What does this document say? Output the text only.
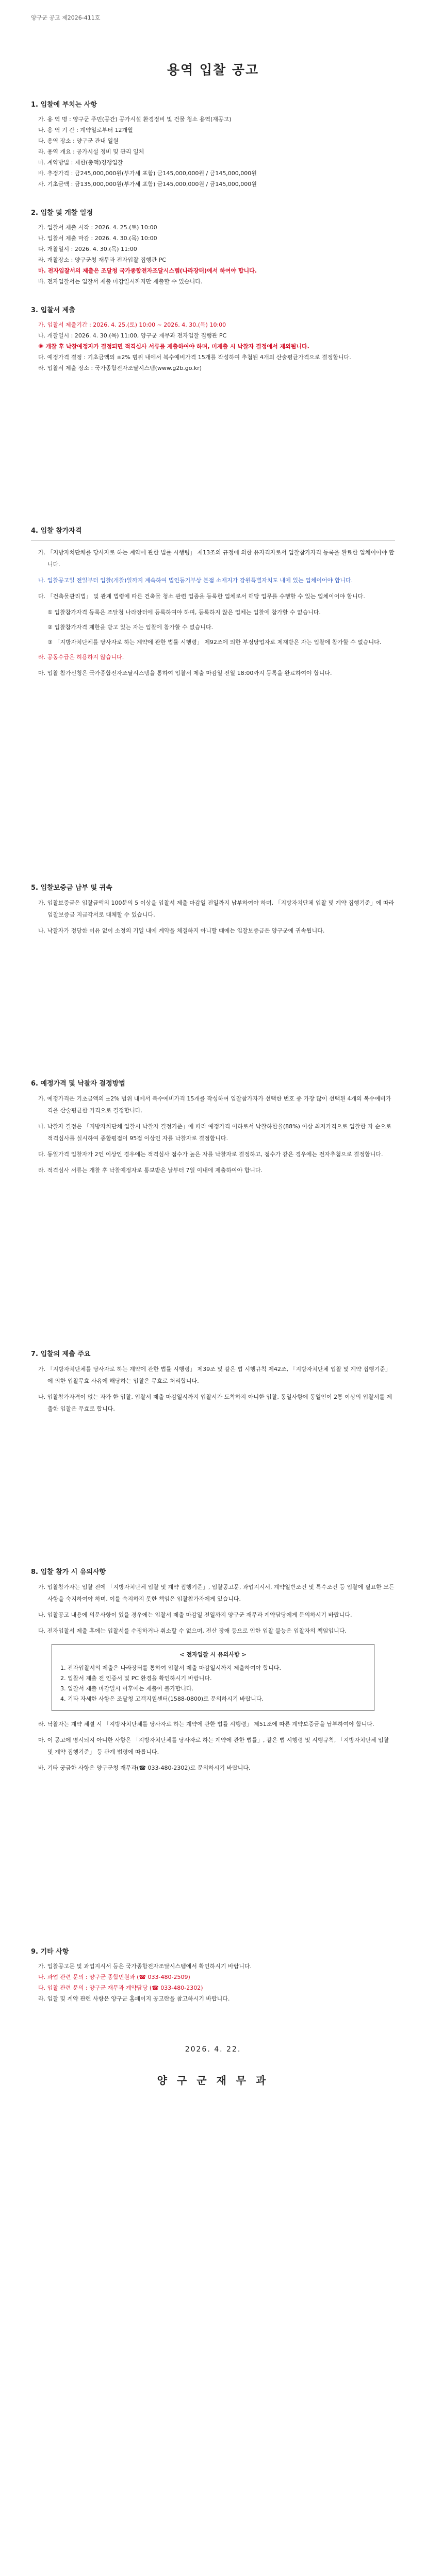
양구군 공고 제2026-411호
용역 입찰 공고
1. 입찰에 부치는 사항
가. 용 역 명 : 양구군 주민(공간) 공가시설 환경정비 및 건물 청소 용역(재공고)
나. 용 역 기 간 : 계약일로부터 12개월
다. 용역 장소 : 양구군 관내 일원
라. 용역 개요 : 공가시설 정비 및 관리 일체
마. 계약방법 : 제한(총액)경쟁입찰
바. 추정가격 : 금245,000,000원(부가세 포함) 금145,000,000원 / 금145,000,000원
사. 기초금액 : 금135,000,000원(부가세 포함) 금145,000,000원 / 금145,000,000원
2. 입찰 및 개찰 일정
가. 입찰서 제출 시작 : 2026. 4. 25.(토) 10:00
나. 입찰서 제출 마감 : 2026. 4. 30.(목) 10:00
다. 개찰일시 : 2026. 4. 30.(목) 11:00
라. 개찰장소 : 양구군청 재무과 전자입찰 집행관 PC
마. 전자입찰서의 제출은 조달청 국가종합전자조달시스템(나라장터)에서 하여야 합니다.
바. 전자입찰서는 입찰서 제출 마감일시까지만 제출할 수 있습니다.
3. 입찰서 제출
가. 입찰서 제출기간 : 2026. 4. 25.(토) 10:00 ~ 2026. 4. 30.(목) 10:00
나. 개찰일시 : 2026. 4. 30.(목) 11:00, 양구군 재무과 전자입찰 집행관 PC
※ 개찰 후 낙찰예정자가 결정되면 적격심사 서류를 제출하여야 하며, 미제출 시 낙찰자 결정에서 제외됩니다.
다. 예정가격 결정 : 기초금액의 ±2% 범위 내에서 복수예비가격 15개를 작성하여 추첨된 4개의 산술평균가격으로 결정합니다.
라. 입찰서 제출 장소 : 국가종합전자조달시스템(www.g2b.go.kr)
4. 입찰 참가자격
가. 「지방자치단체를 당사자로 하는 계약에 관한 법률 시행령」 제13조의 규정에 의한 유자격자로서 입찰참가자격 등록을 완료한 업체이어야 합니다.
나. 입찰공고일 전일부터 입찰(개찰)일까지 계속하여 법인등기부상 본점 소재지가 강원특별자치도 내에 있는 업체이어야 합니다.
다. 「건축물관리법」 및 관계 법령에 따른 건축물 청소 관련 업종을 등록한 업체로서 해당 업무를 수행할 수 있는 업체이어야 합니다.
① 입찰참가자격 등록은 조달청 나라장터에 등록하여야 하며, 등록하지 않은 업체는 입찰에 참가할 수 없습니다.
② 입찰참가자격 제한을 받고 있는 자는 입찰에 참가할 수 없습니다.
③ 「지방자치단체를 당사자로 하는 계약에 관한 법률 시행령」 제92조에 의한 부정당업자로 제재받은 자는 입찰에 참가할 수 없습니다.
라. 공동수급은 허용하지 않습니다.
마. 입찰 참가신청은 국가종합전자조달시스템을 통하여 입찰서 제출 마감일 전일 18:00까지 등록을 완료하여야 합니다.
5. 입찰보증금 납부 및 귀속
가. 입찰보증금은 입찰금액의 100분의 5 이상을 입찰서 제출 마감일 전일까지 납부하여야 하며, 「지방자치단체 입찰 및 계약 집행기준」에 따라 입찰보증금 지급각서로 대체할 수 있습니다.
나. 낙찰자가 정당한 이유 없이 소정의 기일 내에 계약을 체결하지 아니할 때에는 입찰보증금은 양구군에 귀속됩니다.
6. 예정가격 및 낙찰자 결정방법
가. 예정가격은 기초금액의 ±2% 범위 내에서 복수예비가격 15개를 작성하여 입찰참가자가 선택한 번호 중 가장 많이 선택된 4개의 복수예비가격을 산술평균한 가격으로 결정합니다.
나. 낙찰자 결정은 「지방자치단체 입찰시 낙찰자 결정기준」에 따라 예정가격 이하로서 낙찰하한율(88%) 이상 최저가격으로 입찰한 자 순으로 적격심사를 실시하여 종합평점이 95점 이상인 자를 낙찰자로 결정합니다.
다. 동일가격 입찰자가 2인 이상인 경우에는 적격심사 점수가 높은 자를 낙찰자로 결정하고, 점수가 같은 경우에는 전자추첨으로 결정합니다.
라. 적격심사 서류는 개찰 후 낙찰예정자로 통보받은 날부터 7일 이내에 제출하여야 합니다.
7. 입찰의 제출 주요
가. 「지방자치단체를 당사자로 하는 계약에 관한 법률 시행령」 제39조 및 같은 법 시행규칙 제42조, 「지방자치단체 입찰 및 계약 집행기준」에 의한 입찰무효 사유에 해당하는 입찰은 무효로 처리합니다.
나. 입찰참가자격이 없는 자가 한 입찰, 입찰서 제출 마감일시까지 입찰서가 도착하지 아니한 입찰, 동일사항에 동일인이 2통 이상의 입찰서를 제출한 입찰은 무효로 합니다.
8. 입찰 참가 시 유의사항
가. 입찰참가자는 입찰 전에 「지방자치단체 입찰 및 계약 집행기준」, 입찰공고문, 과업지시서, 계약일반조건 및 특수조건 등 입찰에 필요한 모든 사항을 숙지하여야 하며, 이를 숙지하지 못한 책임은 입찰참가자에게 있습니다.
나. 입찰공고 내용에 의문사항이 있을 경우에는 입찰서 제출 마감일 전일까지 양구군 재무과 계약담당에게 문의하시기 바랍니다.
다. 전자입찰서 제출 후에는 입찰서를 수정하거나 취소할 수 없으며, 전산 장애 등으로 인한 입찰 불능은 입찰자의 책임입니다.
< 전자입찰 시 유의사항 >
1. 전자입찰서의 제출은 나라장터를 통하여 입찰서 제출 마감일시까지 제출하여야 합니다.
2. 입찰서 제출 전 인증서 및 PC 환경을 확인하시기 바랍니다.
3. 입찰서 제출 마감일시 이후에는 제출이 불가합니다.
4. 기타 자세한 사항은 조달청 고객지원센터(1588-0800)로 문의하시기 바랍니다.
라. 낙찰자는 계약 체결 시 「지방자치단체를 당사자로 하는 계약에 관한 법률 시행령」 제51조에 따른 계약보증금을 납부하여야 합니다.
마. 이 공고에 명시되지 아니한 사항은 「지방자치단체를 당사자로 하는 계약에 관한 법률」, 같은 법 시행령 및 시행규칙, 「지방자치단체 입찰 및 계약 집행기준」 등 관계 법령에 따릅니다.
바. 기타 궁금한 사항은 양구군청 재무과(☎ 033-480-2302)로 문의하시기 바랍니다.
9. 기타 사항
가. 입찰공고문 및 과업지시서 등은 국가종합전자조달시스템에서 확인하시기 바랍니다.
나. 과업 관련 문의 : 양구군 종합민원과 (☎ 033-480-2509)
다. 입찰 관련 문의 : 양구군 재무과 계약담당 (☎ 033-480-2302)
라. 입찰 및 계약 관련 사항은 양구군 홈페이지 공고란을 참고하시기 바랍니다.
2026. 4. 22.
양 구 군 재 무 과
